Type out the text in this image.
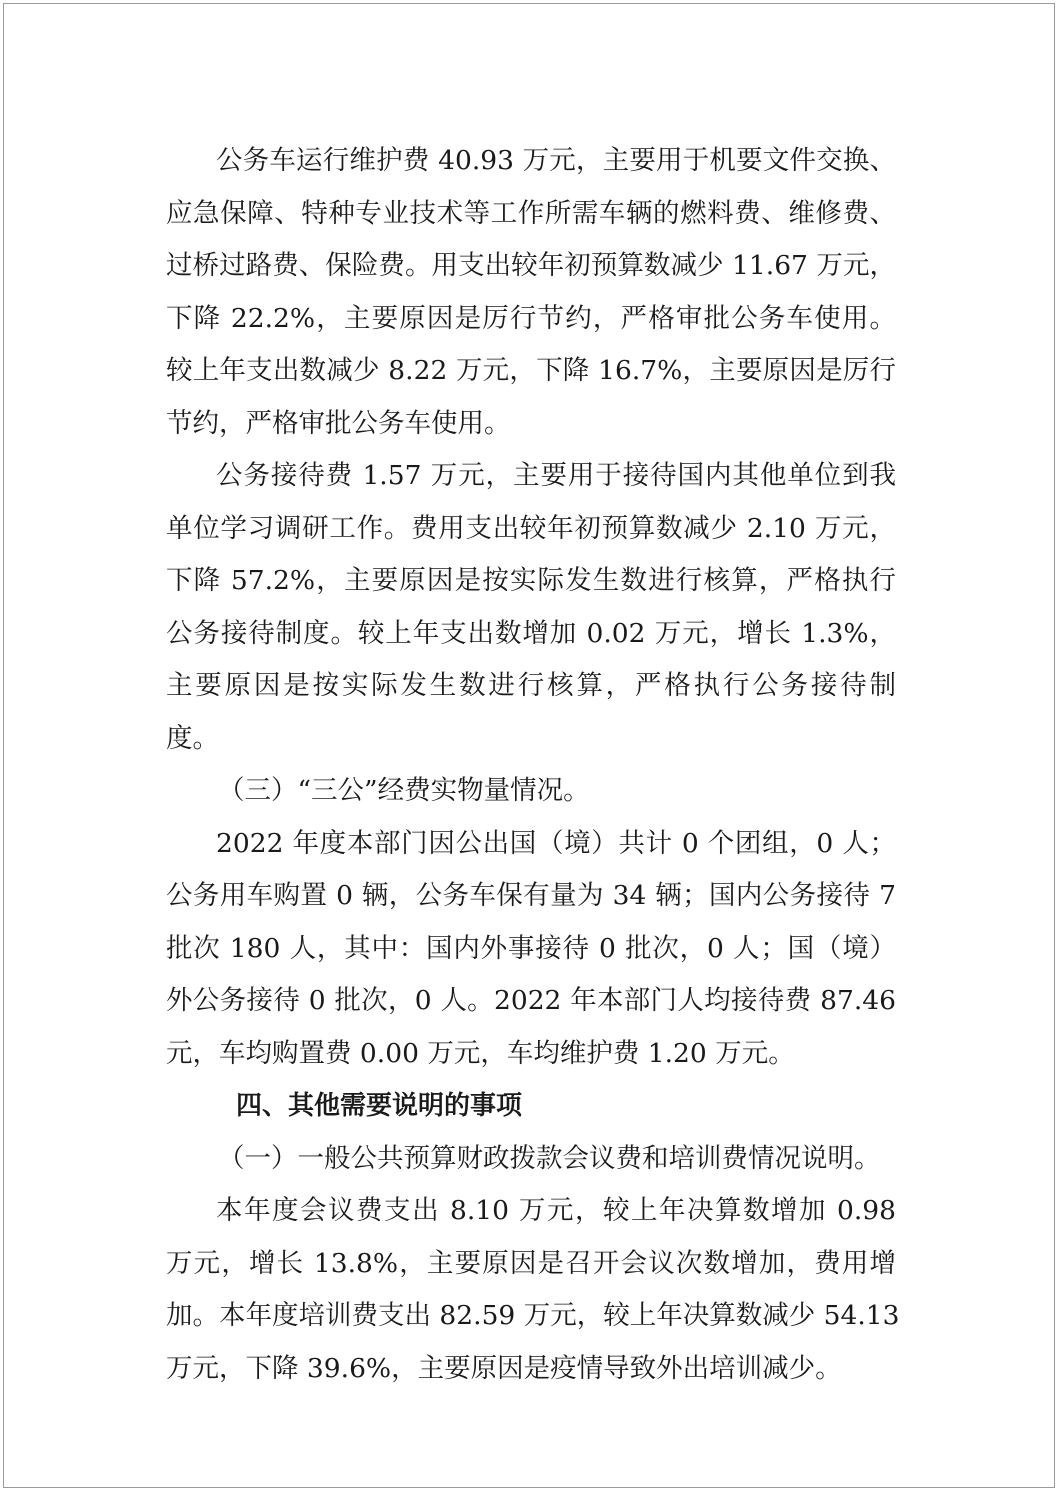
公务车运行维护费 40.93 万元，主要用于机要文件交换、
应急保障、特种专业技术等工作所需车辆的燃料费、维修费、
过桥过路费、保险费。用支出较年初预算数减少 11.67 万元，
下降 22.2%，主要原因是厉行节约，严格审批公务车使用。
较上年支出数减少 8.22 万元，下降 16.7%，主要原因是厉行
节约，严格审批公务车使用。
公务接待费 1.57 万元，主要用于接待国内其他单位到我
单位学习调研工作。费用支出较年初预算数减少 2.10 万元，
下降 57.2%，主要原因是按实际发生数进行核算，严格执行
公务接待制度。较上年支出数增加 0.02 万元，增长 1.3%，
主要原因是按实际发生数进行核算，严格执行公务接待制
度。
（三）“三公”经费实物量情况。
2022 年度本部门因公出国（境）共计 0 个团组，0 人；
公务用车购置 0 辆，公务车保有量为 34 辆；国内公务接待 7
批次 180 人，其中：国内外事接待 0 批次，0 人；国（境）
外公务接待 0 批次，0 人。2022 年本部门人均接待费 87.46
元，车均购置费 0.00 万元，车均维护费 1.20 万元。
四、其他需要说明的事项
（一）一般公共预算财政拨款会议费和培训费情况说明。
本年度会议费支出 8.10 万元，较上年决算数增加 0.98
万元，增长 13.8%，主要原因是召开会议次数增加，费用增
加。本年度培训费支出 82.59 万元，较上年决算数减少 54.13
万元，下降 39.6%，主要原因是疫情导致外出培训减少。
